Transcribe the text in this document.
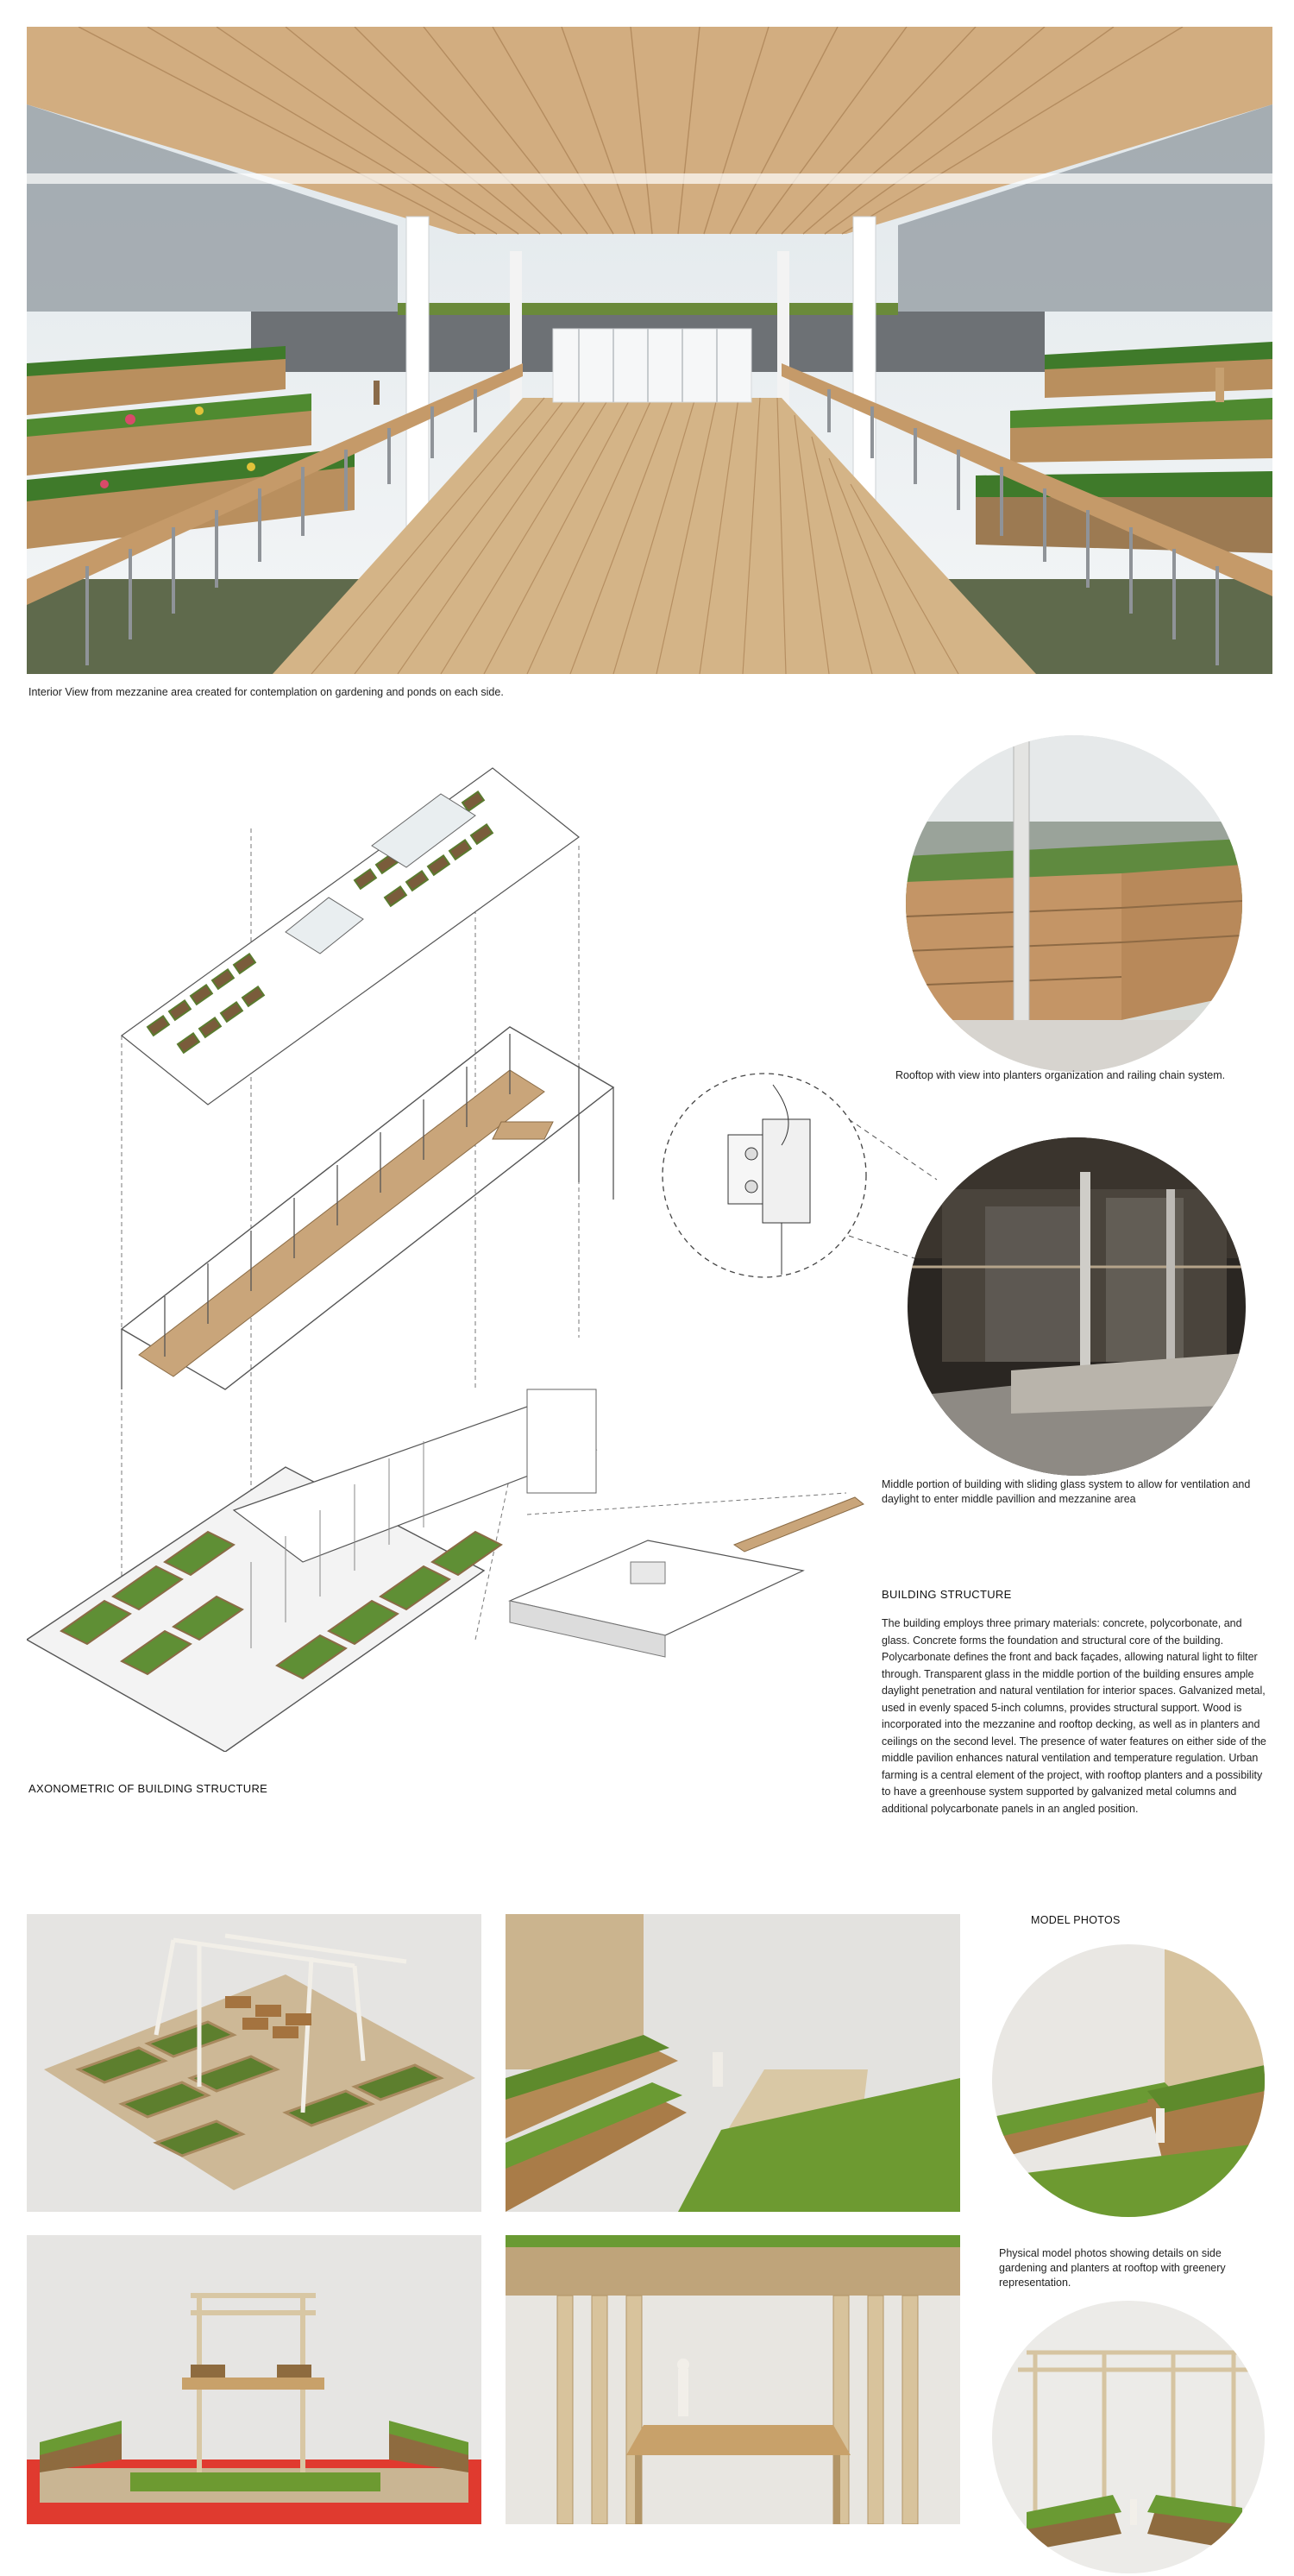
Interior View from mezzanine area created for contemplation on gardening and ponds on each side.
Rooftop with view into planters organization and railing chain system.
Middle portion of building with sliding glass system to allow for ventilation and daylight to enter middle pavillion and mezzanine area
AXONOMETRIC OF BUILDING STRUCTURE
BUILDING STRUCTURE
The building employs three primary materials: concrete, polycorbonate, and glass. Concrete forms the foundation and structural core of the building. Polycarbonate defines the front and back façades, allowing natural light to filter through. Transparent glass in the middle portion of the building ensures ample daylight penetration and natural ventilation for interior spaces. Galvanized metal, used in evenly spaced 5-inch columns, provides structural support. Wood is incorporated into the mezzanine and rooftop decking, as well as in planters and ceilings on the second level. The presence of water features on either side of the middle pavilion enhances natural ventilation and temperature regulation. Urban farming is a central element of the project, with rooftop planters and a possibility to have a greenhouse system supported by galvanized metal columns and additional polycarbonate panels in an angled position.
MODEL PHOTOS
Physical model photos showing details on side gardening and planters at rooftop with greenery representation.
